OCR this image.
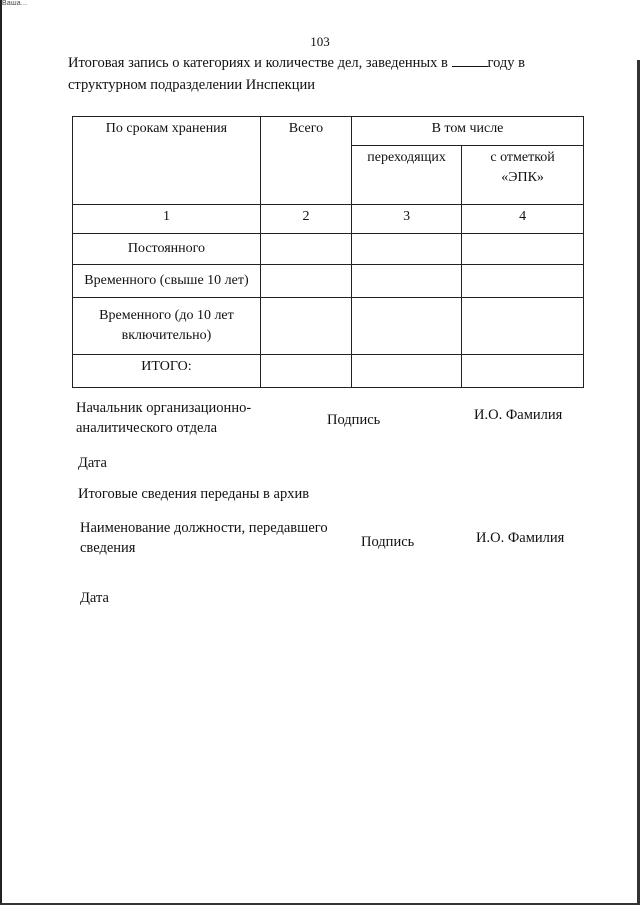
Ваша...
103
Итоговая запись о категориях и количестве дел, заведенных в году в
структурном подразделении Инспекции
По срокам хранения	Всего	В том числе	
		переходящих	с отметкой
«ЭПК»
1	2	3	4
Постоянного			
Временного (свыше 10 лет)			
Временного (до 10 лет
включительно)			
ИТОГО:			
Начальник организационно-
аналитического отдела	Подпись	И.О. Фамилия
Дата
Итоговые сведения переданы в архив
Наименование должности, передавшего
сведения	Подпись	И.О. Фамилия
Дата
